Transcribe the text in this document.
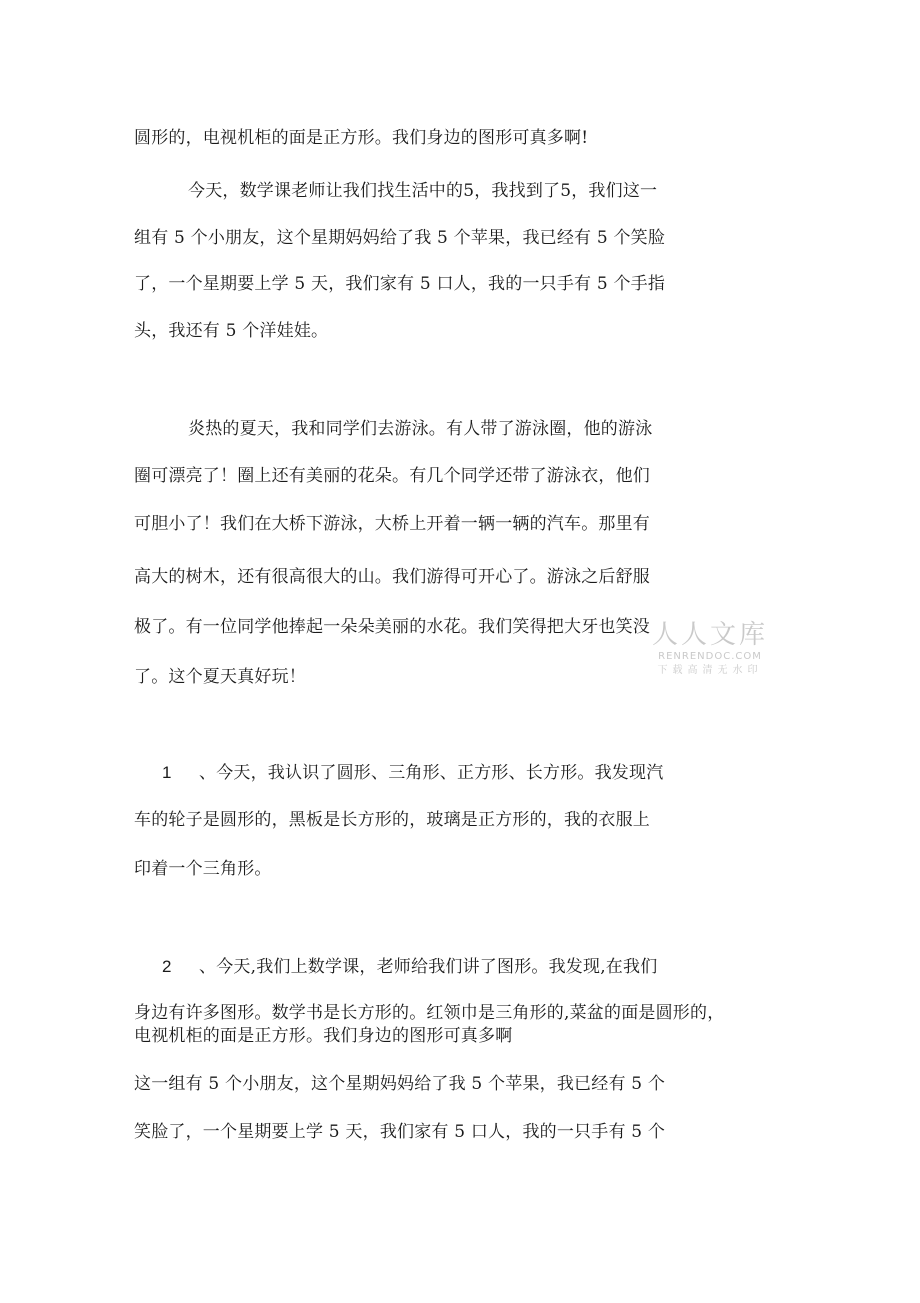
圆形的，电视机柜的面是正方形。我们身边的图形可真多啊!
今天，数学课老师让我们找生活中的5，我找到了5，我们这一
组有 5 个小朋友，这个星期妈妈给了我 5 个苹果，我已经有 5 个笑脸
了，一个星期要上学 5 天，我们家有 5 口人，我的一只手有 5 个手指
头，我还有 5 个洋娃娃。
炎热的夏天，我和同学们去游泳。有人带了游泳圈，他的游泳
圈可漂亮了！圈上还有美丽的花朵。有几个同学还带了游泳衣，他们
可胆小了！我们在大桥下游泳，大桥上开着一辆一辆的汽车。那里有
高大的树木，还有很高很大的山。我们游得可开心了。游泳之后舒服
极了。有一位同学他捧起一朵朵美丽的水花。我们笑得把大牙也笑没
了。这个夏天真好玩！
1 、今天，我认识了圆形、三角形、正方形、长方形。我发现汽
车的轮子是圆形的，黑板是长方形的，玻璃是正方形的，我的衣服上
印着一个三角形。
2 、今天,我们上数学课，老师给我们讲了图形。我发现,在我们
身边有许多图形。数学书是长方形的。红领巾是三角形的,菜盆的面是圆形的，
电视机柜的面是正方形。我们身边的图形可真多啊
这一组有 5 个小朋友，这个星期妈妈给了我 5 个苹果，我已经有 5 个
笑脸了，一个星期要上学 5 天，我们家有 5 口人，我的一只手有 5 个
人人文库
RENRENDOC.COM
下载高清无水印
